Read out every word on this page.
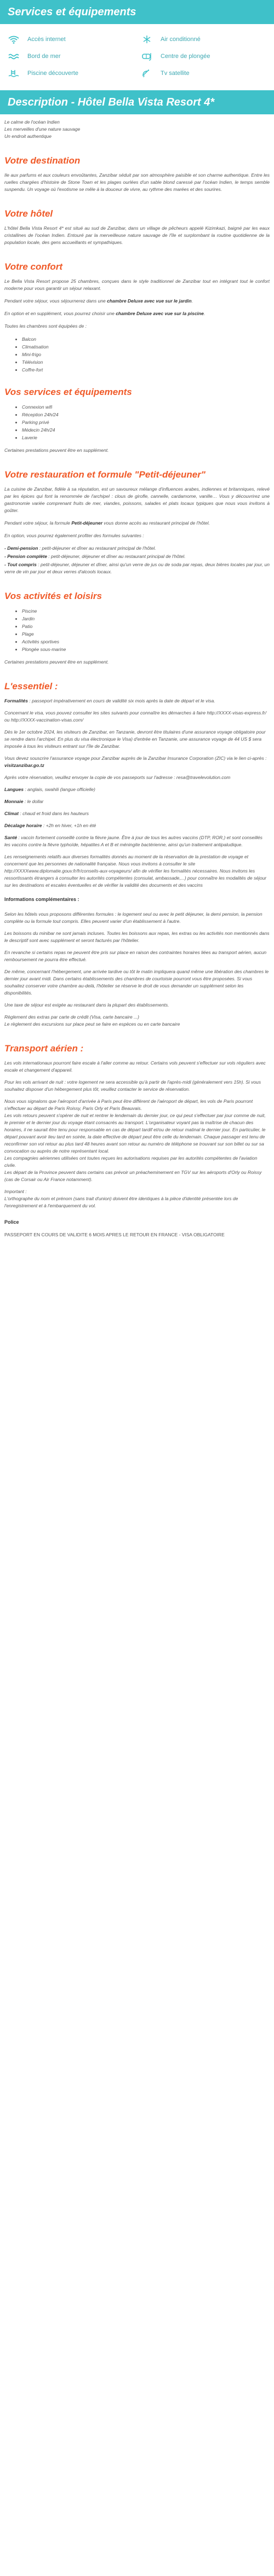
Services et équipements
Accès internet	Air conditionné
Bord de mer	Centre de plongée
Piscine découverte	Tv satellite
Description - Hôtel Bella Vista Resort 4*

Le calme de l'océan Indien

Les merveilles d'une nature sauvage

Un endroit authentique

Votre destination

Ile aux parfums et aux couleurs envoûtantes, Zanzibar séduit par son atmosphère paisible et son charme authentique. Entre les ruelles chargées d'histoire de Stone Town et les plages ourlées d'un sable blond caressé par l'océan Indien, le temps semble suspendu. Un voyage où l'exotisme se mêle à la douceur de vivre, au rythme des marées et des sourires.

Votre hôtel

L'hôtel Bella Vista Resort 4* est situé au sud de Zanzibar, dans un village de pêcheurs appelé Kizimkazi, baigné par les eaux cristallines de l'océan Indien. Entouré par la merveilleuse nature sauvage de l'île et surplombant la routine quotidienne de la population locale, des gens accueillants et sympathiques.

Votre confort

Le Bella Vista Resort propose 25 chambres, conçues dans le style traditionnel de Zanzibar tout en intégrant tout le confort moderne pour vous garantir un séjour relaxant.

Pendant votre séjour, vous séjournerez dans une chambre Deluxe avec vue sur le jardin.

En option et en supplément, vous pourrez choisir une chambre Deluxe avec vue sur la piscine.

Toutes les chambres sont équipées de :

• Balcon
• Climatisation
• Mini-frigo
• Télévision
• Coffre-fort
Vos services et équipements
• Connexion wifi
• Réception 24h/24
• Parking privé
• Médecin 24h/24
• Laverie

Certaines prestations peuvent être en supplément.

Votre restauration et formule "Petit-déjeuner"

La cuisine de Zanzibar, fidèle à sa réputation, est un savoureux mélange d'influences arabes, indiennes et britanniques, relevé par les épices qui font la renommée de l'archipel : clous de girofle, cannelle, cardamome, vanille… Vous y découvrirez une gastronomie variée comprenant fruits de mer, viandes, poissons, salades et plats locaux typiques que nous vous invitons à goûter.

Pendant votre séjour, la formule Petit-déjeuner vous donne accès au restaurant principal de l'hôtel.

En option, vous pourrez également profiter des formules suivantes :

- Demi-pension : petit-déjeuner et dîner au restaurant principal de l'hôtel.

- Pension complète : petit-déjeuner, déjeuner et dîner au restaurant principal de l'hôtel.

- Tout compris : petit-déjeuner, déjeuner et dîner, ainsi qu'un verre de jus ou de soda par repas, deux bières locales par jour, un verre de vin par jour et deux verres d'alcools locaux.

Vos activités et loisirs
• Piscine
• Jardin
• Patio
• Plage
• Activités sportives
• Plongée sous-marine

Certaines prestations peuvent être en supplément.

L'essentiel :

Formalités : passeport impérativement en cours de validité six mois après la date de départ et le visa.

Concernant le visa, vous pouvez consulter les sites suivants pour connaître les démarches à faire http://XXXX-visas-express.fr/ ou http://XXXX-vaccination-visas.com/

Dès le 1er octobre 2024, les visiteurs de Zanzibar, en Tanzanie, devront être titulaires d'une assurance voyage obligatoire pour se rendre dans l'archipel. En plus du visa électronique le Visa) d'entrée en Tanzanie, une assurance voyage de 44 US $ sera imposée à tous les visiteurs entrant sur l'île de Zanzibar.

Vous devez souscrire l'assurance voyage pour Zanzibar auprès de la Zanzibar Insurance Corporation (ZIC) via le lien ci-après : visitzanzibar.go.tz

Après votre réservation, veuillez envoyer la copie de vos passeports sur l'adresse : resa@travelevolution.com

Langues : anglais, swahili (langue officielle)

Monnaie : le dollar

Climat : chaud et froid dans les hauteurs

Décalage horaire : +2h en hiver, +1h en été

Santé : vaccin fortement conseillé contre la fièvre jaune. Être à jour de tous les autres vaccins (DTP, ROR,) et sont conseillés les vaccins contre la fièvre typhoïde, hépatites A et B et méningite bactérienne, ainsi qu'un traitement antipaludique.

Les renseignements relatifs aux diverses formalités donnés au moment de la réservation de la prestation de voyage et concernent que les personnes de nationalité française. Nous vous invitons à consulter le site http://XXXXwww.diplomatie.gouv.fr/fr/conseils-aux-voyageurs/ afin de vérifier les formalités nécessaires. Nous invitons les ressortissants étrangers à consulter les autorités compétentes (consulat, ambassade,...) pour connaître les modalités de séjour sur les destinations et escales éventuelles et de vérifier la validité des documents et des vaccins

Informations complémentaires :

Selon les hôtels vous proposons différentes formules : le logement seul ou avec le petit déjeuner, la demi pension, la pension complète ou la formule tout compris. Elles peuvent varier d'un établissement à l'autre.

Les boissons du minibar ne sont jamais incluses. Toutes les boissons aux repas, les extras ou les activités non mentionnés dans le descriptif sont avec supplément et seront facturés par l'hôtelier.

En revanche si certains repas ne peuvent être pris sur place en raison des contraintes horaires liées au transport aérien, aucun remboursement ne pourra être effectué.

De même, concernant l'hébergement, une arrivée tardive ou tôt le matin impliquera quand même une libération des chambres le dernier jour avant midi. Dans certains établissements des chambres de courtoisie pourront vous être proposées. Si vous souhaitez conserver votre chambre au-delà, l'hôtelier se réserve le droit de vous demander un supplément selon les disponibilités.

Une taxe de séjour est exigée au restaurant dans la plupart des établissements.

Règlement des extras par carte de crédit (Visa, carte bancaire ...)
Le règlement des excursions sur place peut se faire en espèces ou en carte bancaire

Transport aérien :

Les vols internationaux pourront faire escale à l'aller comme au retour. Certains vols peuvent s'effectuer sur vols réguliers avec escale et changement d'appareil.

Pour les vols arrivant de nuit : votre logement ne sera accessible qu'à partir de l'après-midi (généralement vers 15h). Si vous souhaitez disposer d'un hébergement plus tôt, veuillez contacter le service de réservation.

Nous vous signalons que l'aéroport d'arrivée à Paris peut être différent de l'aéroport de départ, les vols de Paris pourront s'effectuer au départ de Paris Roissy, Paris Orly et Paris Beauvais.
Les vols retours peuvent s'opérer de nuit et rentrer le lendemain du dernier jour, ce qui peut s'effectuer par jour comme de nuit, le premier et le dernier jour du voyage étant consacrés au transport. L'organisateur voyant pas la maîtrise de chacun des horaires, il ne saurait être tenu pour responsable en cas de départ tardif et/ou de retour matinal le dernier jour. En particulier, le départ pouvant avoir lieu tard en soirée, la date effective de départ peut être celle du lendemain. Chaque passager est tenu de reconfirmer son vol retour au plus tard 48 heures avant son retour au numéro de téléphone se trouvant sur son billet ou sur sa convocation ou auprès de notre représentant local.
Les compagnies aériennes utilisées ont toutes reçues les autorisations requises par les autorités compétentes de l'aviation civile.
Les départ de la Province peuvent dans certains cas prévoir un préacheminement en TGV sur les aéroports d'Orly ou Roissy (cas de Corsair ou Air France notamment).

Important :
L'orthographe du nom et prénom (sans trait d'union) doivent être identiques à la pièce d'identité présentée lors de l'enregistrement et à l'embarquement du vol.

Police

PASSEPORT EN COURS DE VALIDITE 6 MOIS APRES LE RETOUR EN FRANCE - VISA OBLIGATOIRE
